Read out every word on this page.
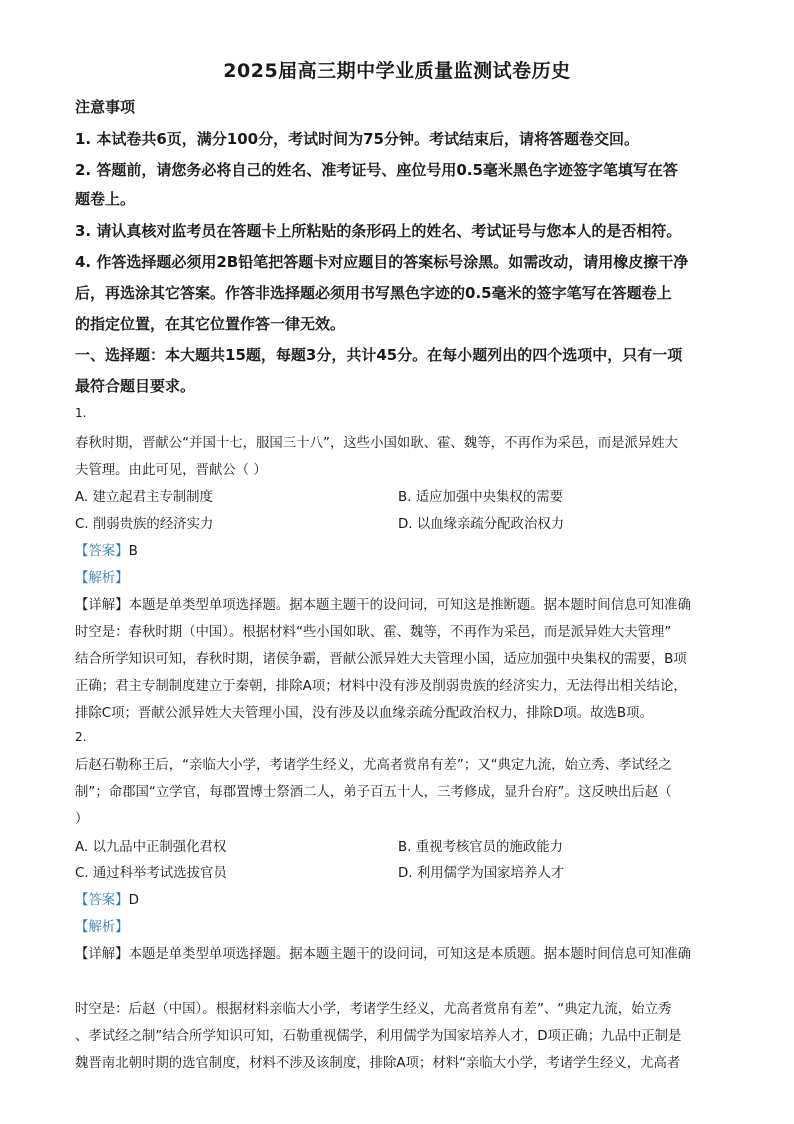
2025届高三期中学业质量监测试卷历史
注意事项
1. 本试卷共6页，满分100分，考试时间为75分钟。考试结束后，请将答题卷交回。
2. 答题前，请您务必将自己的姓名、准考证号、座位号用0.5毫米黑色字迹签字笔填写在答
题卷上。
3. 请认真核对监考员在答题卡上所粘贴的条形码上的姓名、考试证号与您本人的是否相符。
4. 作答选择题必须用2B铅笔把答题卡对应题目的答案标号涂黑。如需改动，请用橡皮擦干净
后，再选涂其它答案。作答非选择题必须用书写黑色字迹的0.5毫米的签字笔写在答题卷上
的指定位置，在其它位置作答一律无效。
一、选择题：本大题共15题，每题3分，共计45分。在每小题列出的四个选项中，只有一项
最符合题目要求。
1.
春秋时期，晋献公“并国十七，服国三十八”，这些小国如耿、霍、魏等，不再作为采邑，而是派异姓大
夫管理。由此可见，晋献公（ ）
A. 建立起君主专制制度	B. 适应加强中央集权的需要
C. 削弱贵族的经济实力	D. 以血缘亲疏分配政治权力
【答案】B
【解析】
【详解】本题是单类型单项选择题。据本题主题干的设问词，可知这是推断题。据本题时间信息可知准确
时空是：春秋时期（中国）。根据材料“些小国如耿、霍、魏等，不再作为采邑，而是派异姓大夫管理”
结合所学知识可知，春秋时期，诸侯争霸，晋献公派异姓大夫管理小国，适应加强中央集权的需要，B项
正确；君主专制制度建立于秦朝，排除A项；材料中没有涉及削弱贵族的经济实力，无法得出相关结论，
排除C项；晋献公派异姓大夫管理小国，没有涉及以血缘亲疏分配政治权力，排除D项。故选B项。
2.
后赵石勒称王后，“亲临大小学，考诸学生经义，尤高者赏帛有差”；又“典定九流，始立秀、孝试经之
制”；命郡国“立学官，每郡置博士祭酒二人，弟子百五十人，三考修成，显升台府”。这反映出后赵（
）
A. 以九品中正制强化君权	B. 重视考核官员的施政能力
C. 通过科举考试选拔官员	D. 利用儒学为国家培养人才
【答案】D
【解析】
【详解】本题是单类型单项选择题。据本题主题干的设问词，可知这是本质题。据本题时间信息可知准确
时空是：后赵（中国）。根据材料亲临大小学，考诸学生经义，尤高者赏帛有差”、“典定九流，始立秀
、孝试经之制”结合所学知识可知，石勒重视儒学，利用儒学为国家培养人才，D项正确；九品中正制是
魏晋南北朝时期的选官制度，材料不涉及该制度，排除A项；材料“亲临大小学，考诸学生经义，尤高者
